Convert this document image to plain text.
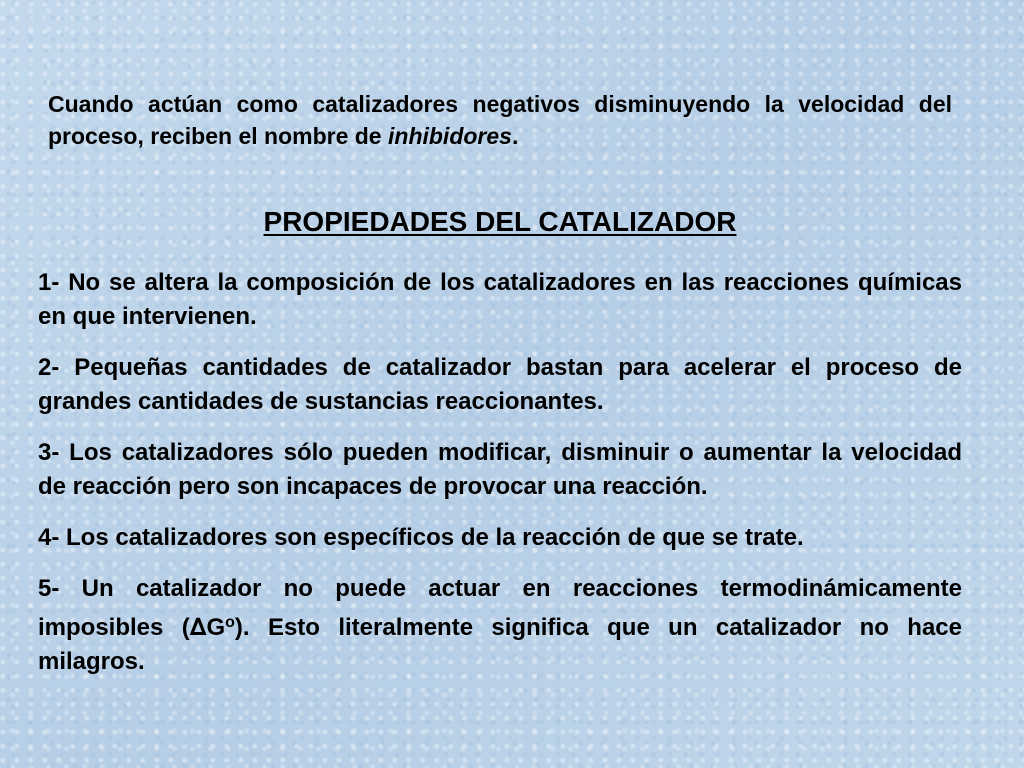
Cuando actúan como catalizadores negativos disminuyendo la velocidad del proceso, reciben el nombre de inhibidores.
PROPIEDADES DEL CATALIZADOR
1- No se altera la composición de los catalizadores en las reacciones químicas en que intervienen.
2- Pequeñas cantidades de catalizador bastan para acelerar el proceso de grandes cantidades de sustancias reaccionantes.
3- Los catalizadores sólo pueden modificar, disminuir o aumentar la velocidad de reacción pero son incapaces de provocar una reacción.
4- Los catalizadores son específicos de la reacción de que se trate.
5- Un catalizador no puede actuar en reacciones termodinámicamente imposibles $(\Delta G^o)$. Esto literalmente significa que un catalizador no hace milagros.
